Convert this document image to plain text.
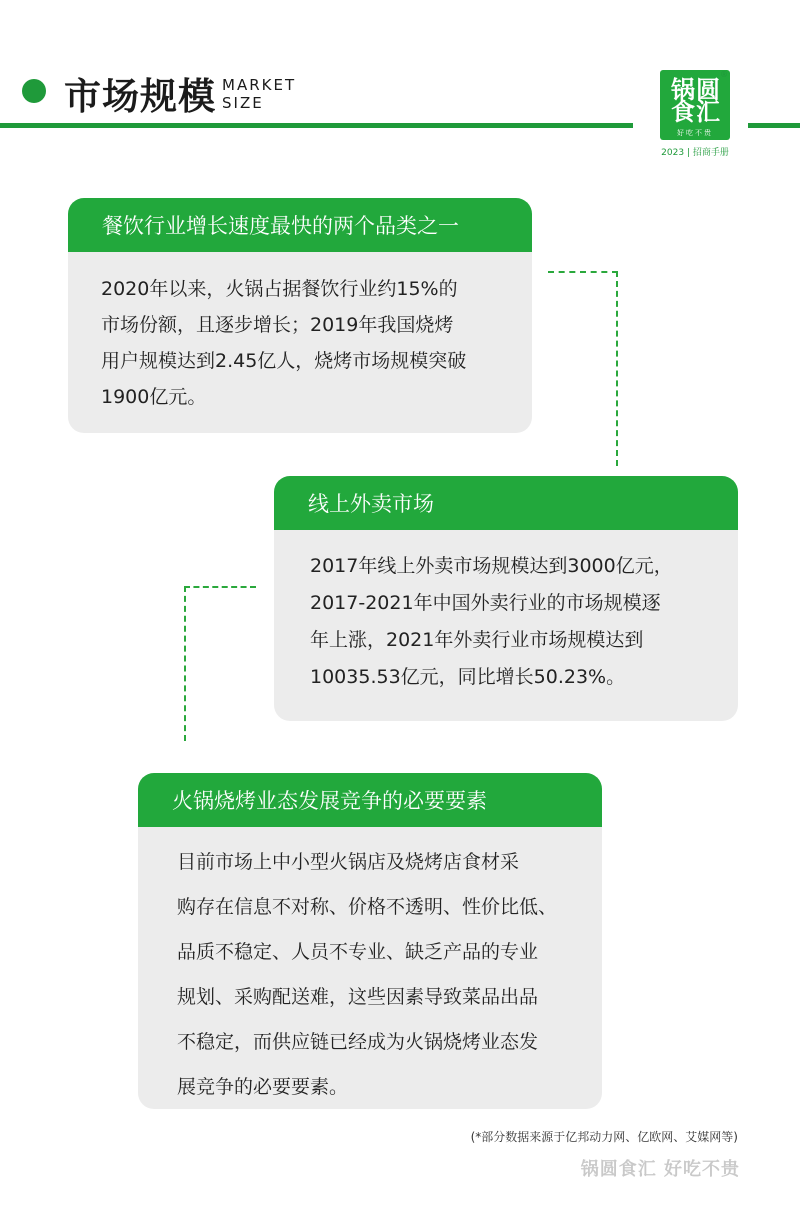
市场规模 MARKET
SIZE	锅圆
食汇
®
好吃不贵
2023 | 招商手册
餐饮行业增长速度最快的两个品类之一
2020年以来，火锅占据餐饮行业约15%的
市场份额，且逐步增长；2019年我国烧烤
用户规模达到2.45亿人，烧烤市场规模突破
1900亿元。
线上外卖市场
2017年线上外卖市场规模达到3000亿元，
2017-2021年中国外卖行业的市场规模逐
年上涨，2021年外卖行业市场规模达到
10035.53亿元，同比增长50.23%。
火锅烧烤业态发展竞争的必要要素
目前市场上中小型火锅店及烧烤店食材采
购存在信息不对称、价格不透明、性价比低、
品质不稳定、人员不专业、缺乏产品的专业
规划、采购配送难，这些因素导致菜品出品
不稳定，而供应链已经成为火锅烧烤业态发
展竞争的必要要素。
(*部分数据来源于亿邦动力网、亿欧网、艾媒网等)
锅圆食汇 好吃不贵
